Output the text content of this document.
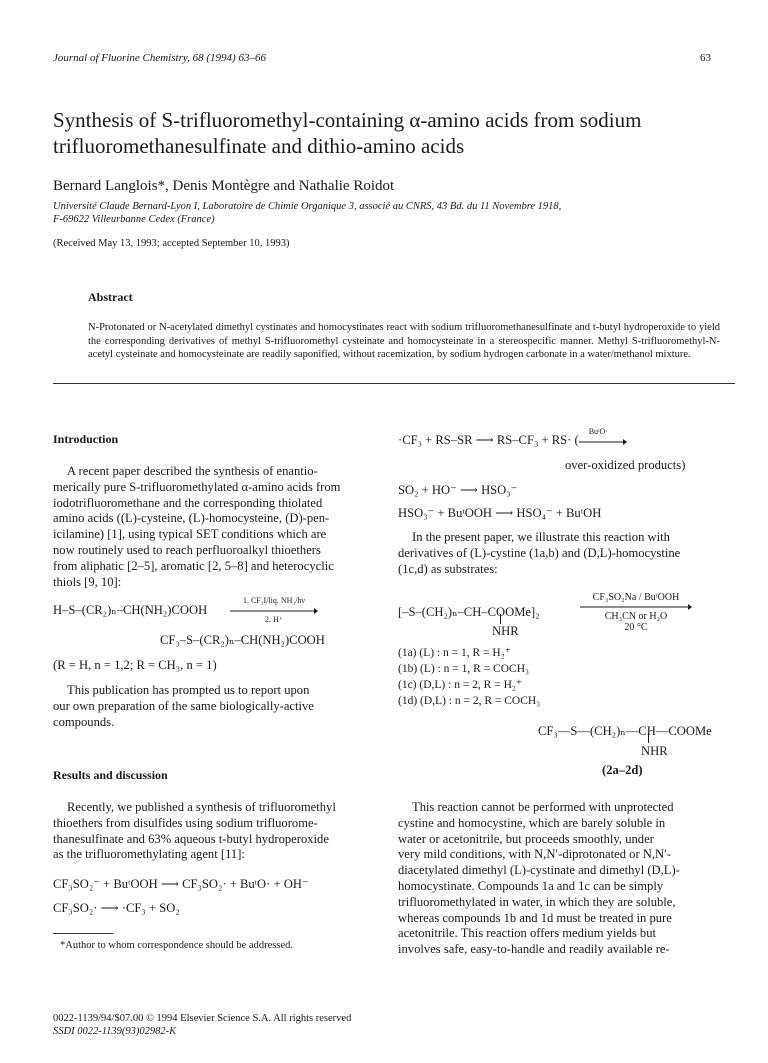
Journal of Fluorine Chemistry, 68 (1994) 63–66	63
Synthesis of S-trifluoromethyl-containing α-amino acids from sodium
trifluoromethanesulfinate and dithio-amino acids
Bernard Langlois*, Denis Montègre and Nathalie Roidot
Université Claude Bernard-Lyon I, Laboratoire de Chimie Organique 3, associé au CNRS, 43 Bd. du 11 Novembre 1918,
F-69622 Villeurbanne Cedex (France)
(Received May 13, 1993; accepted September 10, 1993)
Abstract
N-Protonated or N-acetylated dimethyl cystinates and homocystinates react with sodium trifluoromethanesulfinate and t-butyl hydroperoxide to yield the corresponding derivatives of methyl S-trifluoromethyl cysteinate and homocysteinate in a stereospecific manner. Methyl S-trifluoromethyl-N-acetyl cysteinate and homocysteinate are readily saponified, without racemization, by sodium hydrogen carbonate in a water/methanol mixture.
Introduction
A recent paper described the synthesis of enantio-
merically pure S-trifluoromethylated α-amino acids from
iodotrifluoromethane and the corresponding thiolated
amino acids ((L)-cysteine, (L)-homocysteine, (D)-pen-
icilamine) [1], using typical SET conditions which are
now routinely used to reach perfluoroalkyl thioethers
from aliphatic [2–5], aromatic [2, 5–8] and heterocyclic
thiols [9, 10]:
H–S–(CR₂)ₙ–CH(NH₂)COOH
1. CF₃I/liq. NH₃/hν
2. H⁺
CF₃–S–(CR₂)ₙ–CH(NH₂)COOH
(R = H, n = 1,2; R = CH₃, n = 1)
This publication has prompted us to report upon
our own preparation of the same biologically-active
compounds.
Results and discussion
Recently, we published a synthesis of trifluoromethyl
thioethers from disulfides using sodium trifluorome-
thanesulfinate and 63% aqueous t-butyl hydroperoxide
as the trifluoromethylating agent [11]:
CF₃SO₂⁻ + BuᵗOOH ⟶ CF₃SO₂· + BuᵗO· + OH⁻
CF₃SO₂· ⟶ ·CF₃ + SO₂
*Author to whom correspondence should be addressed.
·CF₃ + RS–SR ⟶ RS–CF₃ + RS· (
BuᵗO·
over-oxidized products)
SO₂ + HO⁻ ⟶ HSO₃⁻
HSO₃⁻ + BuᵗOOH ⟶ HSO₄⁻ + BuᵗOH
In the present paper, we illustrate this reaction with
derivatives of (L)-cystine (1a,b) and (D,L)-homocystine
(1c,d) as substrates:
[–S–(CH₂)ₙ–CH–COOMe]₂
NHR
CF₃SO₂Na / BuᵗOOH
CH₃CN or H₂O
20 °C
(1a) (L) : n = 1, R = H₂⁺
(1b) (L) : n = 1, R = COCH₃
(1c) (D,L) : n = 2, R = H₂⁺
(1d) (D,L) : n = 2, R = COCH₃
CF₃—S—(CH₂)ₙ—CH—COOMe
NHR
(2a–2d)
This reaction cannot be performed with unprotected
cystine and homocystine, which are barely soluble in
water or acetonitrile, but proceeds smoothly, under
very mild conditions, with N,N′-diprotonated or N,N′-
diacetylated dimethyl (L)-cystinate and dimethyl (D,L)-
homocystinate. Compounds 1a and 1c can be simply
trifluoromethylated in water, in which they are soluble,
whereas compounds 1b and 1d must be treated in pure
acetonitrile. This reaction offers medium yields but
involves safe, easy-to-handle and readily available re-
0022-1139/94/$07.00 © 1994 Elsevier Science S.A. All rights reserved
SSDI 0022-1139(93)02982-K
